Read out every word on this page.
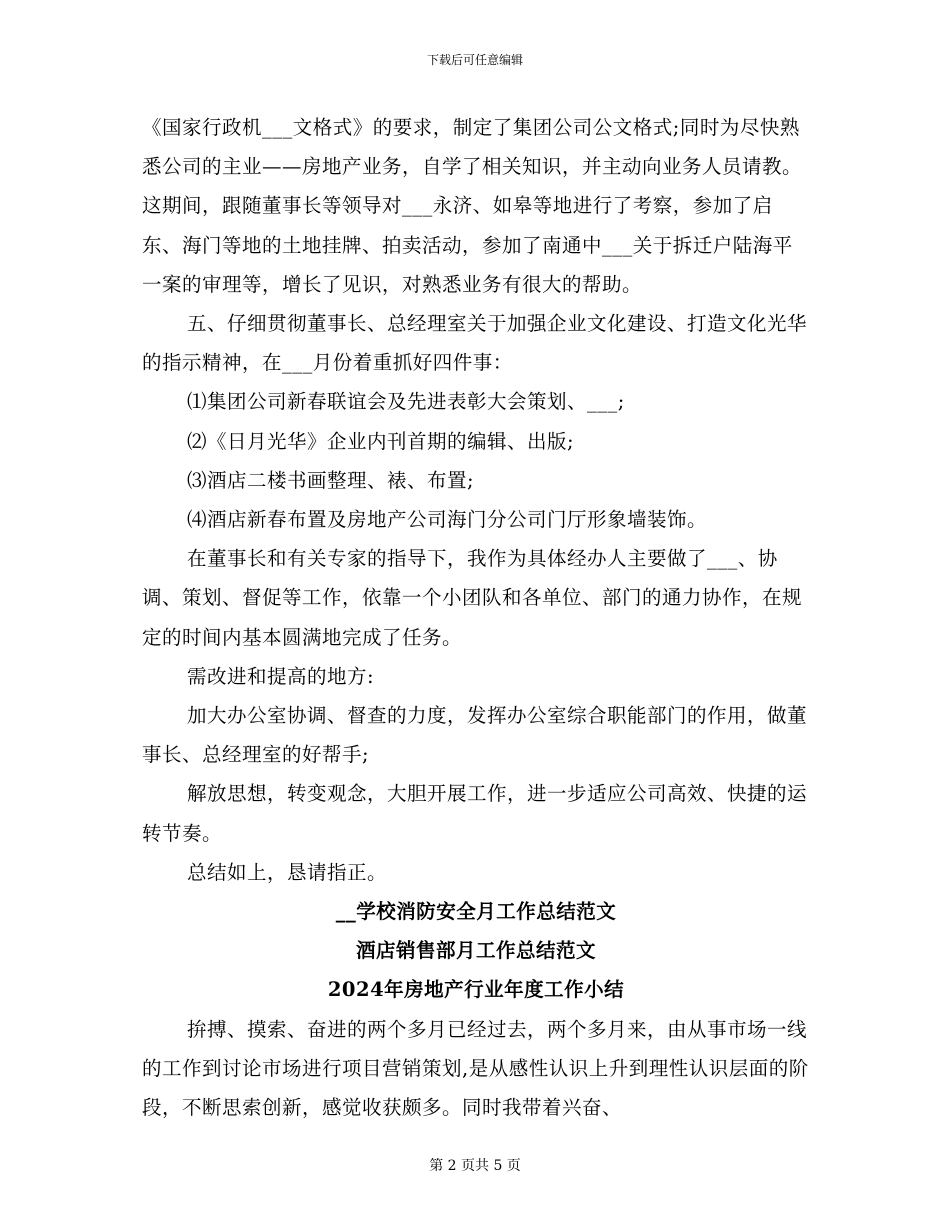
下载后可任意编辑

《国家行政机___文格式》的要求，制定了集团公司公文格式;同时为尽快熟悉公司的主业——房地产业务，自学了相关知识，并主动向业务人员请教。这期间，跟随董事长等领导对___永济、如皋等地进行了考察，参加了启东、海门等地的土地挂牌、拍卖活动，参加了南通中___关于拆迁户陆海平一案的审理等，增长了见识，对熟悉业务有很大的帮助。

五、仔细贯彻董事长、总经理室关于加强企业文化建设、打造文化光华的指示精神，在___月份着重抓好四件事：

⑴集团公司新春联谊会及先进表彰大会策划、___;

⑵《日月光华》企业内刊首期的编辑、出版;

⑶酒店二楼书画整理、裱、布置;

⑷酒店新春布置及房地产公司海门分公司门厅形象墙装饰。

在董事长和有关专家的指导下，我作为具体经办人主要做了___、协调、策划、督促等工作，依靠一个小团队和各单位、部门的通力协作，在规定的时间内基本圆满地完成了任务。

需改进和提高的地方:

加大办公室协调、督查的力度，发挥办公室综合职能部门的作用，做董事长、总经理室的好帮手;

解放思想，转变观念，大胆开展工作，进一步适应公司高效、快捷的运转节奏。

总结如上，恳请指正。

__学校消防安全月工作总结范文

酒店销售部月工作总结范文

2024年房地产行业年度工作小结

拚搏、摸索、奋进的两个多月已经过去，两个多月来，由从事市场一线的工作到讨论市场进行项目营销策划,是从感性认识上升到理性认识层面的阶段，不断思索创新，感觉收获颇多。同时我带着兴奋、

第 2 页共 5 页
